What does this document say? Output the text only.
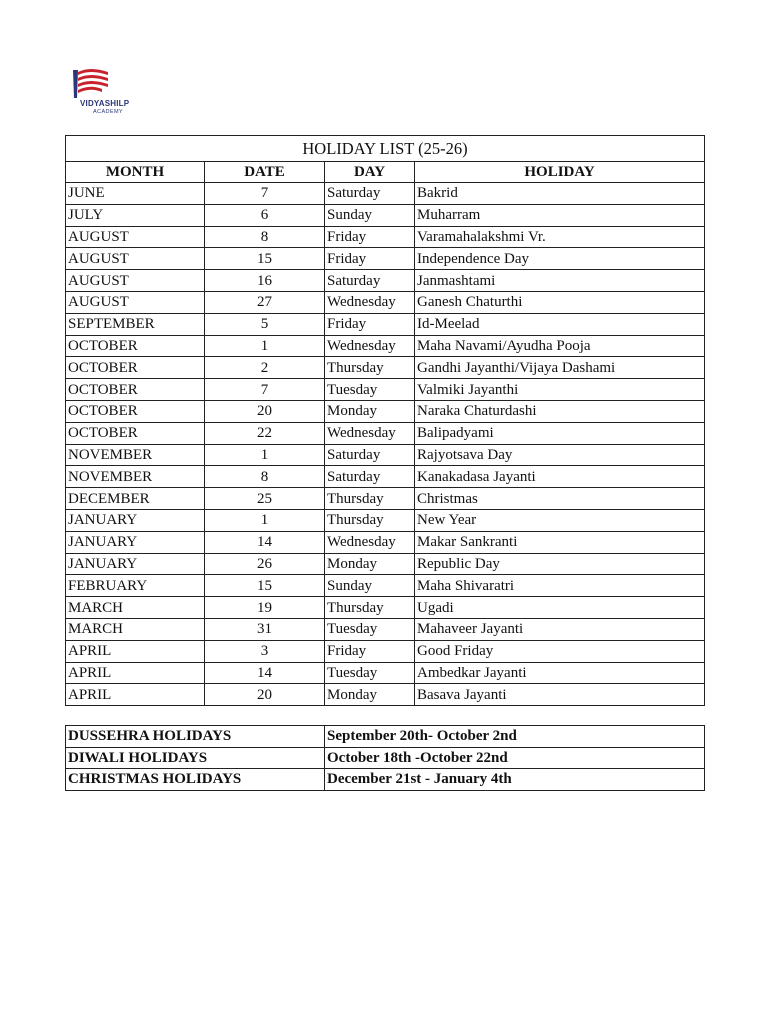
VIDYASHILP
ACADEMY
HOLIDAY LIST (25-26)			
MONTH	DATE	DAY	HOLIDAY
JUNE	7	Saturday	Bakrid
JULY	6	Sunday	Muharram
AUGUST	8	Friday	Varamahalakshmi Vr.
AUGUST	15	Friday	Independence Day
AUGUST	16	Saturday	Janmashtami
AUGUST	27	Wednesday	Ganesh Chaturthi
SEPTEMBER	5	Friday	Id-Meelad
OCTOBER	1	Wednesday	Maha Navami/Ayudha Pooja
OCTOBER	2	Thursday	Gandhi Jayanthi/Vijaya Dashami
OCTOBER	7	Tuesday	Valmiki Jayanthi
OCTOBER	20	Monday	Naraka Chaturdashi
OCTOBER	22	Wednesday	Balipadyami
NOVEMBER	1	Saturday	Rajyotsava Day
NOVEMBER	8	Saturday	Kanakadasa Jayanti
DECEMBER	25	Thursday	Christmas
JANUARY	1	Thursday	New Year
JANUARY	14	Wednesday	Makar Sankranti
JANUARY	26	Monday	Republic Day
FEBRUARY	15	Sunday	Maha Shivaratri
MARCH	19	Thursday	Ugadi
MARCH	31	Tuesday	Mahaveer Jayanti
APRIL	3	Friday	Good Friday
APRIL	14	Tuesday	Ambedkar Jayanti
APRIL	20	Monday	Basava Jayanti
DUSSEHRA HOLIDAYS	September 20th- October 2nd
DIWALI HOLIDAYS	October 18th -October 22nd
CHRISTMAS HOLIDAYS	December 21st - January 4th
